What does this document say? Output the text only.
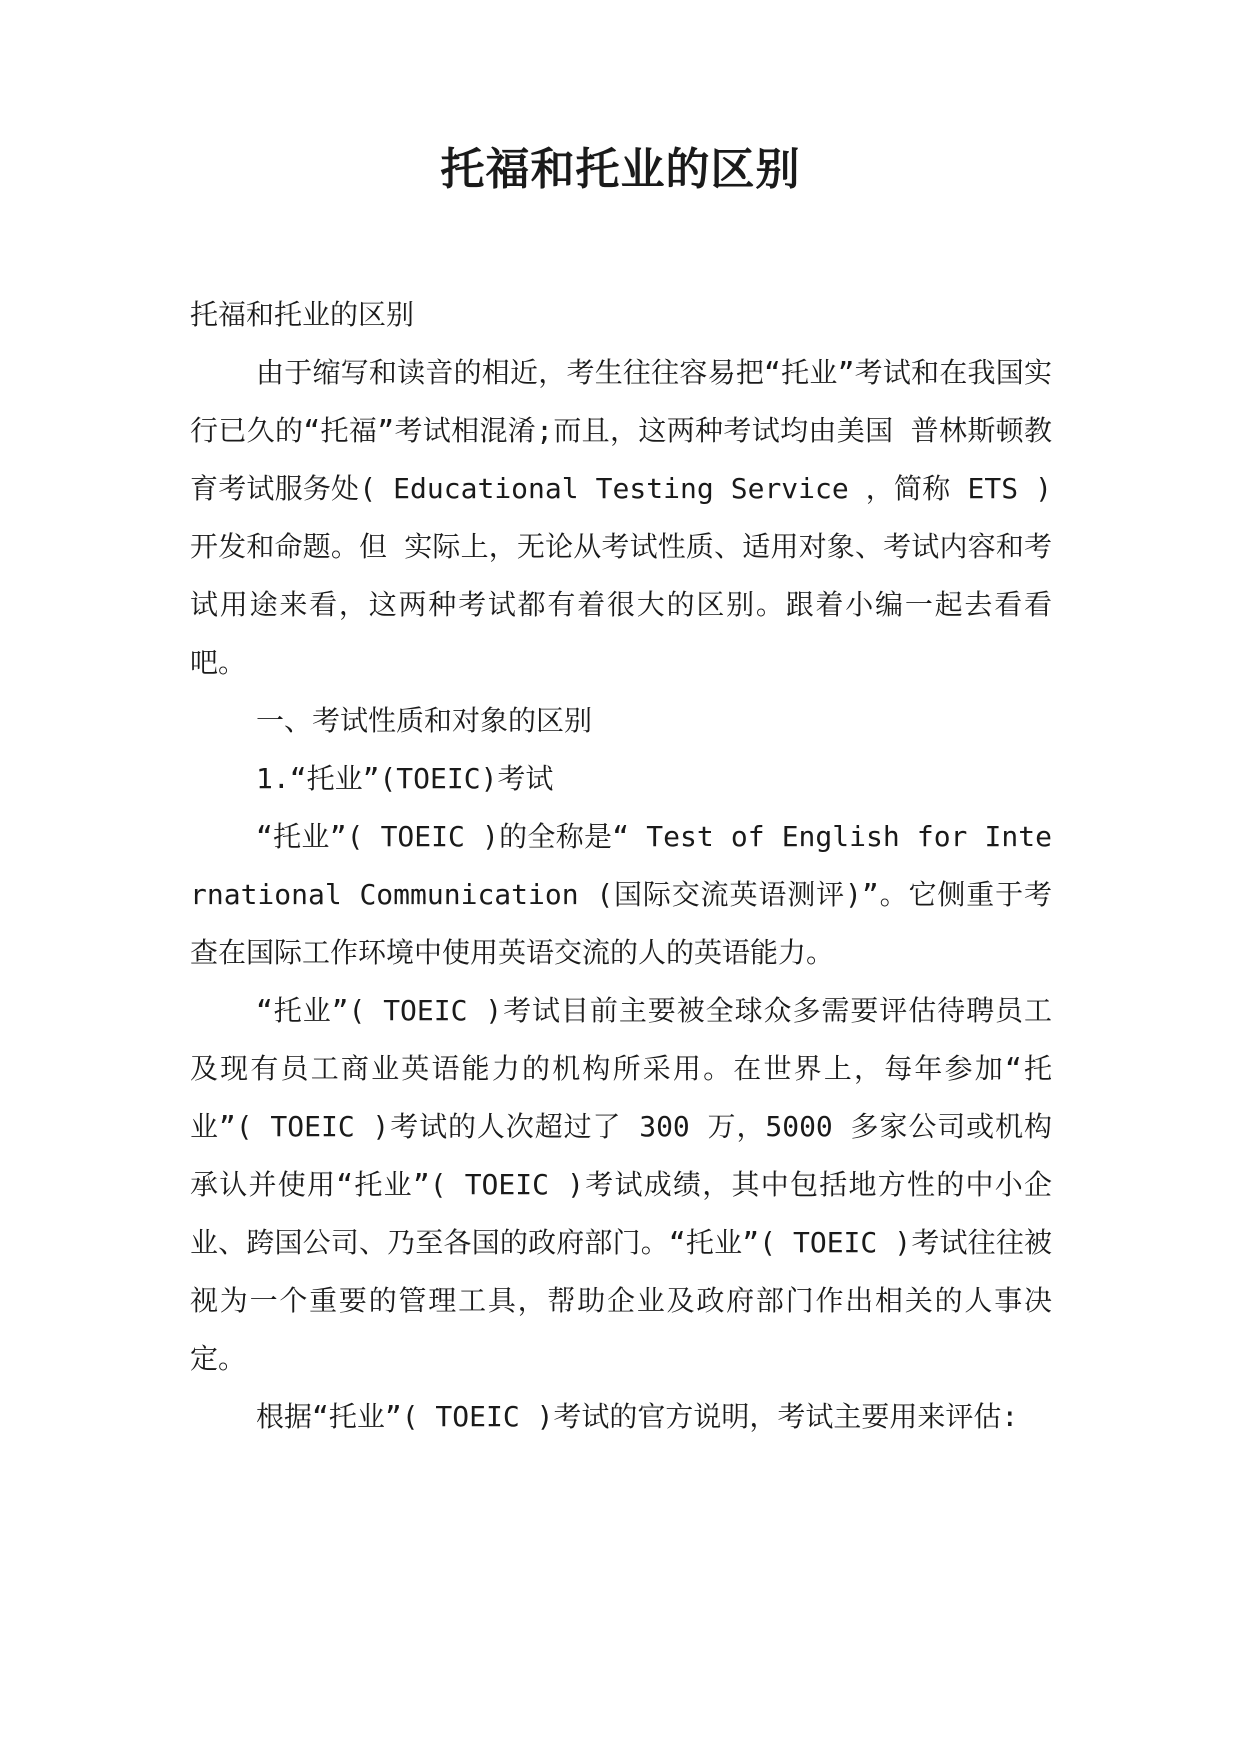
托福和托业的区别

托福和托业的区别

由于缩写和读音的相近，考生往往容易把“托业”考试和在我国实行已久的“托福”考试相混淆;而且，这两种考试均由美国 普林斯顿教育考试服务处( Educational Testing Service ，简称 ETS )开发和命题。但 实际上，无论从考试性质、适用对象、考试内容和考试用途来看，这两种考试都有着很大的区别。跟着小编一起去看看吧。

一、考试性质和对象的区别

1.“托业”(TOEIC)考试

“托业”( TOEIC )的全称是“ Test of English for International Communication (国际交流英语测评)”。它侧重于考查在国际工作环境中使用英语交流的人的英语能力。

“托业”( TOEIC )考试目前主要被全球众多需要评估待聘员工及现有员工商业英语能力的机构所采用。在世界上，每年参加“托业”( TOEIC )考试的人次超过了 300 万，5000 多家公司或机构承认并使用“托业”( TOEIC )考试成绩，其中包括地方性的中小企业、跨国公司、乃至各国的政府部门。“托业”( TOEIC )考试往往被视为一个重要的管理工具，帮助企业及政府部门作出相关的人事决定。

根据“托业”( TOEIC )考试的官方说明，考试主要用来评估:
